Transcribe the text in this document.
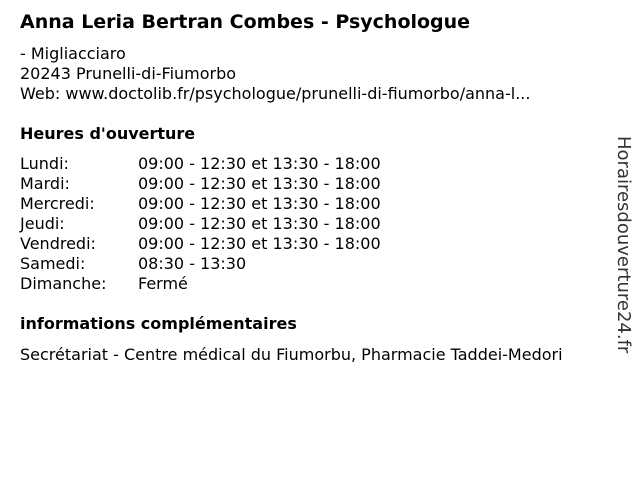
Anna Leria Bertran Combes - Psychologue
- Migliacciaro
20243 Prunelli-di-Fiumorbo
Web: www.doctolib.fr/psychologue/prunelli-di-fiumorbo/anna-l...
Heures d'ouverture
Lundi:	09:00 - 12:30 et 13:30 - 18:00
Mardi:	09:00 - 12:30 et 13:30 - 18:00
Mercredi:	09:00 - 12:30 et 13:30 - 18:00
Jeudi:	09:00 - 12:30 et 13:30 - 18:00
Vendredi:	09:00 - 12:30 et 13:30 - 18:00
Samedi:	08:30 - 13:30
Dimanche: Fermé
informations complémentaires
Secrétariat - Centre médical du Fiumorbu, Pharmacie Taddei-Medori
Horairesdouverture24.fr
